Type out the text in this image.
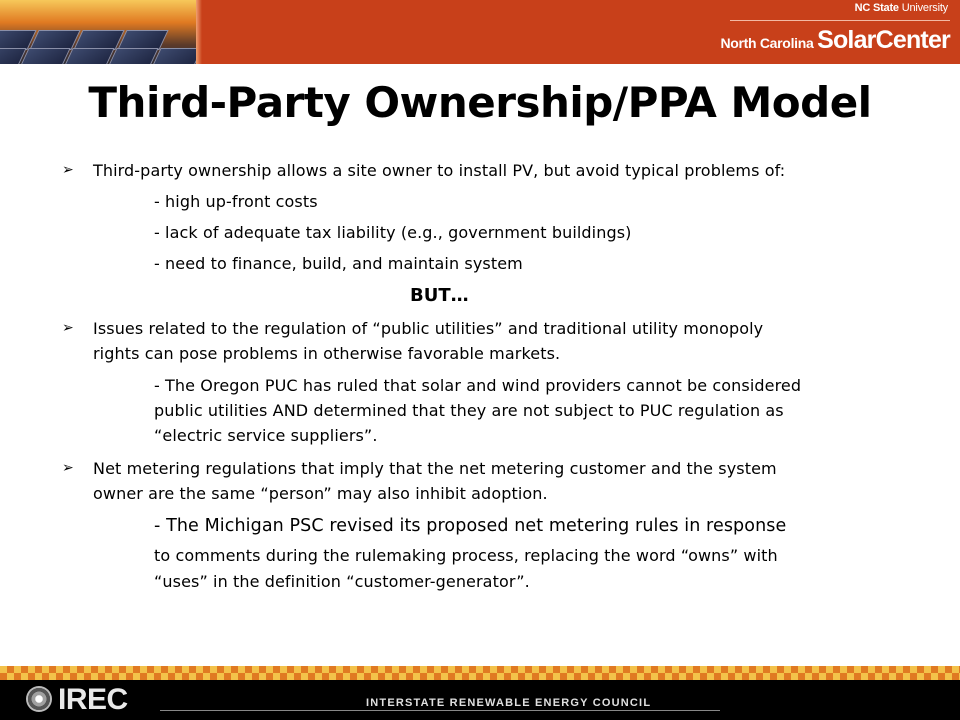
NC State University
North Carolina SolarCenter
Third-Party Ownership/PPA Model
➢ Third-party ownership allows a site owner to install PV, but avoid typical problems of:
- high up-front costs
- lack of adequate tax liability (e.g., government buildings)
- need to finance, build, and maintain system
BUT…
➢ Issues related to the regulation of “public utilities” and traditional utility monopoly
rights can pose problems in otherwise favorable markets.
- The Oregon PUC has ruled that solar and wind providers cannot be considered
public utilities AND determined that they are not subject to PUC regulation as
“electric service suppliers”.
➢ Net metering regulations that imply that the net metering customer and the system
owner are the same “person” may also inhibit adoption.
- The Michigan PSC revised its proposed net metering rules in response
to comments during the rulemaking process, replacing the word “owns” with
“uses” in the definition “customer-generator”.
IREC	INTERSTATE RENEWABLE ENERGY COUNCIL
